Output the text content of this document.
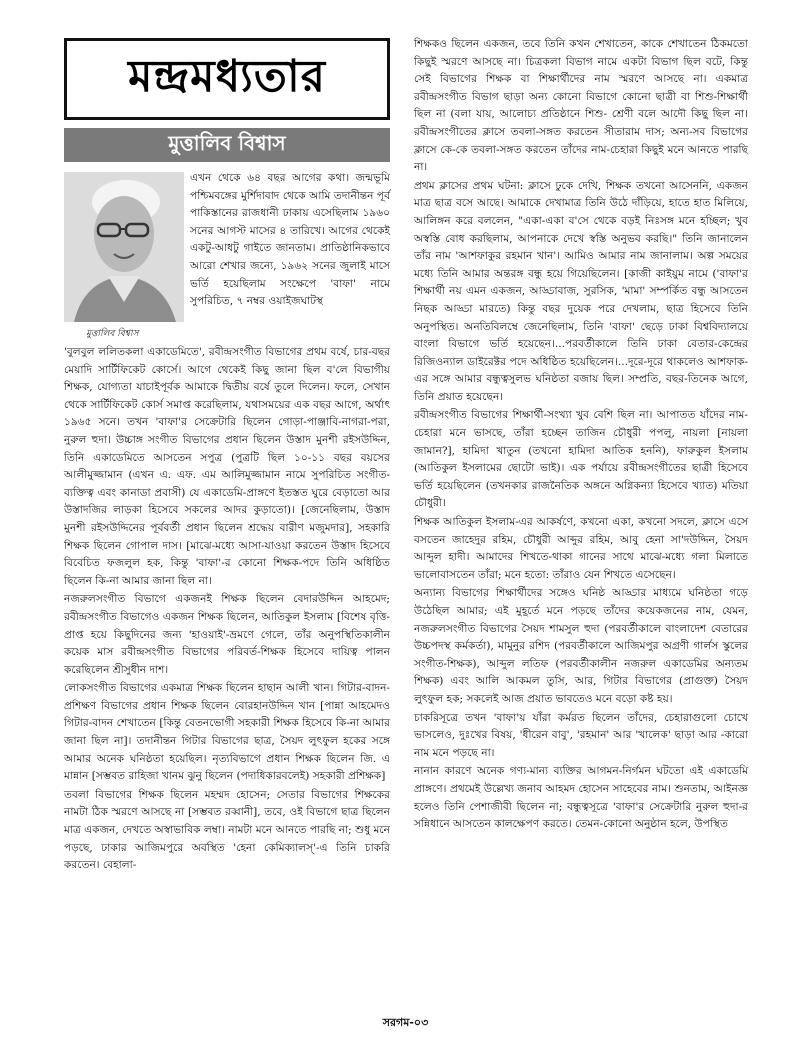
মন্দ্রমধ্যতার
মুত্তালিব বিশ্বাস
মুত্তালিব বিশ্বাস

এখন থেকে ৬৪ বছর আগের কথা। জন্মভূমি পশ্চিমবঙ্গের মুর্শিদাবাদ থেকে আমি তদানীন্তন পূর্ব পাকিস্তানের রাজধানী ঢাকায় এসেছিলাম ১৯৬০ সনের আগস্ট মাসের ৪ তারিখে। আগের থেকেই একটু-আধটু গাইতে জানতাম। প্রাতিষ্ঠানিকভাবে আরো শেখার জন্যে, ১৯৬২ সনের জুলাই মাসে ভর্তি হয়েছিলাম সংক্ষেপে 'বাফা' নামে সুপরিচিত, ৭ নম্বর ওয়াইজঘাটস্থ

'বুলবুল ললিতকলা একাডেমিতে', রবীন্দ্রসংগীত বিভাগের প্রথম বর্ষে, চার-বছর মেয়াদি সার্টিফিকেট কোর্সে। আগে থেকেই কিছু জানা ছিল ব'লে বিভাগীয় শিক্ষক, যোগ্যতা যাচাইপূর্বক আমাকে দ্বিতীয় বর্ষে তুলে দিলেন। ফলে, সেখান থেকে সার্টিফিকেট কোর্স সমাপ্ত করেছিলাম, যথাসময়ের এক বছর আগে, অর্থাৎ ১৯৬৫ সনে। তখন 'বাফা'র সেক্রেটারি ছিলেন গোড়া-পাঞ্জাবি-নাগরা-পরা, নুরুল হুদা। উচ্চাঙ্গ সংগীত বিভাগের প্রধান ছিলেন উস্তাদ মুনশী রইসউদ্দিন, তিনি একাডেমিতে আসতেন সপুত্র (পুত্রটি ছিল ১০-১১ বছর বয়সের আলীমুজ্জামান (এখন এ. এফ. এম আলিমুজ্জামান নামে সুপরিচিত সংগীত-ব্যক্তিত্ব এবং কানাডা প্রবাসী) যে একাডেমি-প্রাঙ্গণে ইতস্তত ঘুরে বেড়াতো আর উস্তাদজির লাড়কা হিসেবে সকলের আদর কুড়াতো)। [জেনেছিলাম, উস্তাদ মুনশী রইসউদ্দিনের পূর্ববর্তী প্রধান ছিলেন শ্রদ্ধেয় বারীণ মজুমদার], সহকারি শিক্ষক ছিলেন গোপাল দাস। [মাঝে-মধ্যে আসা-যাওয়া করতেন উস্তাদ হিসেবে বিবেচিত ফজলুল হক, কিন্তু 'বাফা'-র কোনো শিক্ষক-পদে তিনি অধিষ্ঠিত ছিলেন কি-না আমার জানা ছিল না।

নজরুলসংগীত বিভাগে একজনই শিক্ষক ছিলেন বেদারউদ্দিন আহমেদ; রবীন্দ্রসংগীত বিভাগেও একজন শিক্ষক ছিলেন, আতিকুল ইসলাম [বিশেষ বৃত্তি-প্রাপ্ত হয়ে কিছুদিনের জন্য 'হাওয়াই'-ভ্রমণে গেলে, তাঁর অনুপস্থিতিকালীন কয়েক মাস রবীন্দ্রসংগীত বিভাগের পরিবর্ত-শিক্ষক হিসেবে দায়িত্ব পালন করেছিলেন শ্রীসুধীন দাশ।

লোকসংগীত বিভাগের একমাত্র শিক্ষক ছিলেন হাছান আলী খান। গিটার-বাদন-প্রশিক্ষণ বিভাগের প্রধান শিক্ষক ছিলেন বোরহানউদ্দিন খান [পান্না আহমেদও গিটার-বাদন শেখাতেন [কিন্তু বেতনভোগী সহকারী শিক্ষক হিসেবে কি-না আমার জানা ছিল না]। তদানীন্তন গিটার বিভাগের ছাত্র, সৈয়দ লুৎফুল হকের সঙ্গে আমার অনেক ঘনিষ্ঠতা হয়েছিল। নৃত্যবিভাগে প্রধান শিক্ষক ছিলেন জি. এ মান্নান [সম্ভবত রাহিজা খানম ঝুনু ছিলেন (পদাধিকারবলেই) সহকারী প্রশিক্ষক]

তবলা বিভাগের শিক্ষক ছিলেন মহম্মদ হোসেন; সেতার বিভাগের শিক্ষকের নামটা ঠিক স্মরণে আসছে না [সম্ভবত রব্বানী], তবে, ওই বিভাগে ছাত্র ছিলেন মাত্র একজন, দেখতে অস্বাভাবিক লম্বা। নামটা মনে আনতে পারছি না; শুধু মনে পড়ছে, ঢাকার আজিমপুরে অবস্থিত 'হেনা কেমিক্যালস্'-এ তিনি চাকরি করতেন। বেহালা-

শিক্ষকও ছিলেন একজন, তবে তিনি কখন শেখাতেন, কাকে শেখাতেন ঠিকমতো কিছুই স্মরণে আসছে না। চিত্রকলা বিভাগ নামে একটা বিভাগ ছিল বটে, কিন্তু সেই বিভাগের শিক্ষক বা শিক্ষার্থীদের নাম স্মরণে আসছে না। একমাত্র রবীন্দ্রসংগীত বিভাগ ছাড়া অন্য কোনো বিভাগে কোনো ছাত্রী বা শিশু-শিক্ষার্থী ছিল না (বলা যায়, আলোচ্য প্রতিষ্ঠানে শিশু- শ্রেণী বলে আদৌ কিছু ছিল না। রবীন্দ্রসংগীতের ক্লাসে তবলা-সঙ্গত করতেন সীতারাম দাস; অন্য-সব বিভাগের ক্লাসে কে-কে তবলা-সঙ্গত করতেন তাঁদের নাম-চেহারা কিছুই মনে আনতে পারছি না।

প্রথম ক্লাসের প্রথম ঘটনা: ক্লাসে ঢুকে দেখি, শিক্ষক তখনো আসেননি, একজন মাত্র ছাত্র বসে আছে। আমাকে দেখামাত্র তিনি উঠে দাঁড়িয়ে, হাতে হাত মিলিয়ে, আলিঙ্গন করে বললেন, "একা-একা ব'সে থেকে বড়ই নিঃসঙ্গ মনে হচ্ছিল; খুব অস্বস্তি বোধ করছিলাম, আপনাকে দেখে স্বস্তি অনুভব করছি।" তিনি জানালেন তাঁর নাম 'আশফাকুর রহমান খান'। আমিও আমার নাম জানালাম। অল্প সময়ের মধ্যে তিনি আমার অন্তরঙ্গ বন্ধু হয়ে গিয়েছিলেন। [কাজী কাইয়ুম নামে ('বাফা'র শিক্ষার্থী নয় এমন একজন, আড্ডাবাজ, সুরসিক, 'মামা' সম্পর্কিত বন্ধু আসতেন নিছক আড্ডা মারতে) কিন্তু বছর দুয়েক পরে দেখলাম, ছাত্র হিসেবে তিনি অনুপস্থিত। অনতিবিলম্বে জেনেছিলাম, তিনি 'বাফা' ছেড়ে ঢাকা বিশ্ববিদ্যালয়ে বাংলা বিভাগে ভর্তি হয়েছেন।...পরবর্তীকালে তিনি ঢাকা বেতার-কেন্দ্রের রিজিওন্যাল ডাইরেক্টর পদে অধিষ্ঠিত হয়েছিলেন।...দূরে-দূরে থাকলেও আশফাক-এর সঙ্গে আমার বন্ধুত্বসুলভ ঘনিষ্ঠতা বজায় ছিল। সম্প্রতি, বছর-তিনেক আগে, তিনি প্রয়াত হয়েছেন।

রবীন্দ্রসংগীত বিভাগের শিক্ষার্থী-সংখ্যা খুব বেশি ছিল না। আপাতত যাঁদের নাম-চেহারা মনে ভাসছে, তাঁরা হচ্ছেন তাজিন চৌধুরী পপলু, নায়লা [নায়লা জামান?], হামিদা খাতুন (তখনো হামিদা আতিক হননি), ফারুকুল ইসলাম (আতিকুল ইসলামের ছোটো ভাই)। এক পর্যায়ে রবীন্দ্রসংগীতের ছাত্রী হিসেবে ভর্তি হয়েছিলেন (তখনকার রাজনৈতিক অঙ্গনে অগ্নিকন্যা হিসেবে খ্যাত) মতিয়া চৌধুরী।

শিক্ষক আতিকুল ইসলাম-এর আকর্ষণে, কখনো একা, কখনো সদলে, ক্লাসে এসে বসতেন জাহেদুর রহিম, চৌধুরী আব্দুর রহিম, আবু হেনা সা'দউদ্দিন, সৈয়দ আব্দুল হাদী। আমাদের শিখতে-থাকা গানের সাথে মাঝে-মধ্যে গলা মিলাতে ভালোবাসতেন তাঁরা; মনে হতো: তাঁরাও যেন শিখতে এসেছেন।

অন্যান্য বিভাগের শিক্ষার্থীদের সঙ্গেও ঘনিষ্ঠ আড্ডার মাধ্যমে ঘনিষ্ঠতা গড়ে উঠেছিল আমার; এই মুহূর্তে মনে পড়ছে তাঁদের কয়েকজনের নাম, যেমন, নজরুলসংগীত বিভাগের সৈয়দ শামসুল হুদা (পরবর্তীকালে বাংলাদেশ বেতারের উচ্চপদস্থ কর্মকর্তা), মামুনুর রশিদ (পরবর্তীকালে আজিমপুর অগ্রণী গার্লস স্কুলের সংগীত-শিক্ষক), আব্দুল লতিফ (পরবর্তীকালীন নজরুল একাডেমির অন্যতম শিক্ষক) এবং আলি আকমল তুসি, আর, গিটার বিভাগের (প্রাগুক্ত) সৈয়দ লুৎফুল হক; সকলেই আজ প্রয়াত ভাবতেও মনে বড়ো কষ্ট হয়।

চাকরিসূত্রে তখন 'বাফা'য় যাঁরা কর্মরত ছিলেন তাঁদের, চেহারাগুলো চোখে ভাসলেও, দুঃখের বিষয়, 'ধীরেন বাবু', 'রহমান' আর 'খালেক' ছাড়া আর -কারো নাম মনে পড়ছে না।

নানান কারণে অনেক গণ্য-মান্য ব্যক্তির আগমন-নির্গমন ঘটতো এই একাডেমি প্রাঙ্গণে। প্রথমেই উল্লেখ্য জনাব আহমদ হোসেন সাহেবের নাম। শুনতাম, আইনজ্ঞ হলেও তিনি পেশাজীবী ছিলেন না; বন্ধুত্বসূত্রে 'বাফা'র সেক্রেটারি নুরুল হুদা-র সন্নিধানে আসতেন কালক্ষেপণ করতে। তেমন-কোনো অনুষ্ঠান হলে, উপস্থিত

সরগম-০৩
